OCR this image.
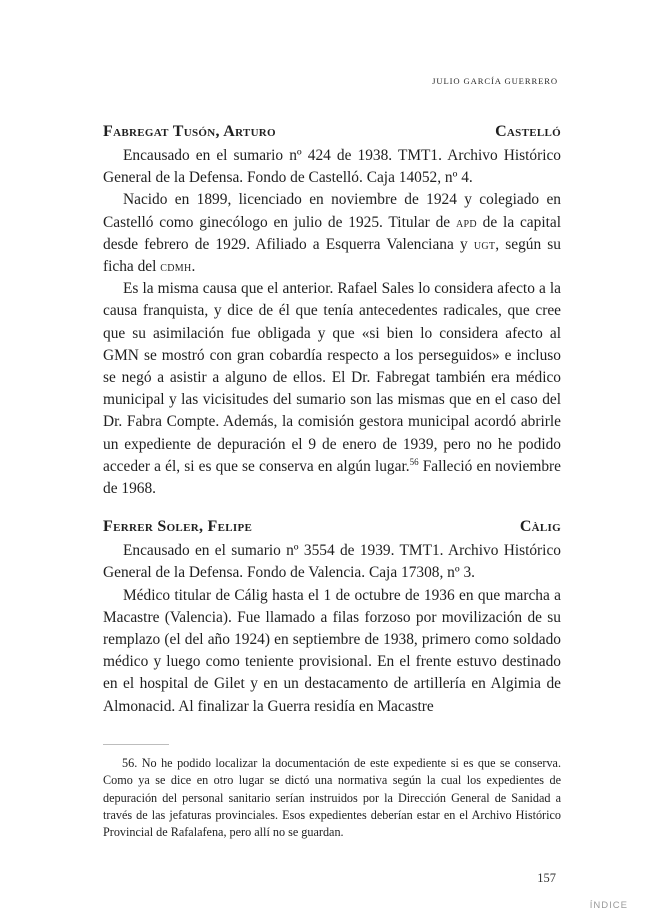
JULIO GARCÍA GUERRERO
Fabregat Tusón, Arturo	Castelló

Encausado en el sumario nº 424 de 1938. TMT1. Archivo Histórico General de la Defensa. Fondo de Castelló. Caja 14052, nº 4.

Nacido en 1899, licenciado en noviembre de 1924 y colegiado en Castelló como ginecólogo en julio de 1925. Titular de apd de la capital desde febrero de 1929. Afiliado a Esquerra Valenciana y ugt, según su ficha del cdmh.

Es la misma causa que el anterior. Rafael Sales lo considera afecto a la causa franquista, y dice de él que tenía antecedentes radicales, que cree que su asimilación fue obligada y que «si bien lo considera afecto al GMN se mostró con gran cobardía respecto a los perseguidos» e incluso se negó a asistir a alguno de ellos. El Dr. Fabregat también era médico municipal y las vicisitudes del sumario son las mismas que en el caso del Dr. Fabra Compte. Además, la comisión gestora municipal acordó abrirle un expediente de depuración el 9 de enero de 1939, pero no he podido acceder a él, si es que se conserva en algún lugar.$^{56}$ Falleció en noviembre de 1968.

Ferrer Soler, Felipe	Càlig

Encausado en el sumario nº 3554 de 1939. TMT1. Archivo Histórico General de la Defensa. Fondo de Valencia. Caja 17308, nº 3.

Médico titular de Cálig hasta el 1 de octubre de 1936 en que marcha a Macastre (Valencia). Fue llamado a filas forzoso por movilización de su remplazo (el del año 1924) en septiembre de 1938, primero como soldado médico y luego como teniente provisional. En el frente estuvo destinado en el hospital de Gilet y en un destacamento de artillería en Algimia de Almonacid. Al finalizar la Guerra residía en Macastre

56. No he podido localizar la documentación de este expediente si es que se conserva. Como ya se dice en otro lugar se dictó una normativa según la cual los expedientes de depuración del personal sanitario serían instruidos por la Dirección General de Sanidad a través de las jefaturas provinciales. Esos expedientes deberían estar en el Archivo Histórico Provincial de Rafalafena, pero allí no se guardan.

157
ÍNDICE
